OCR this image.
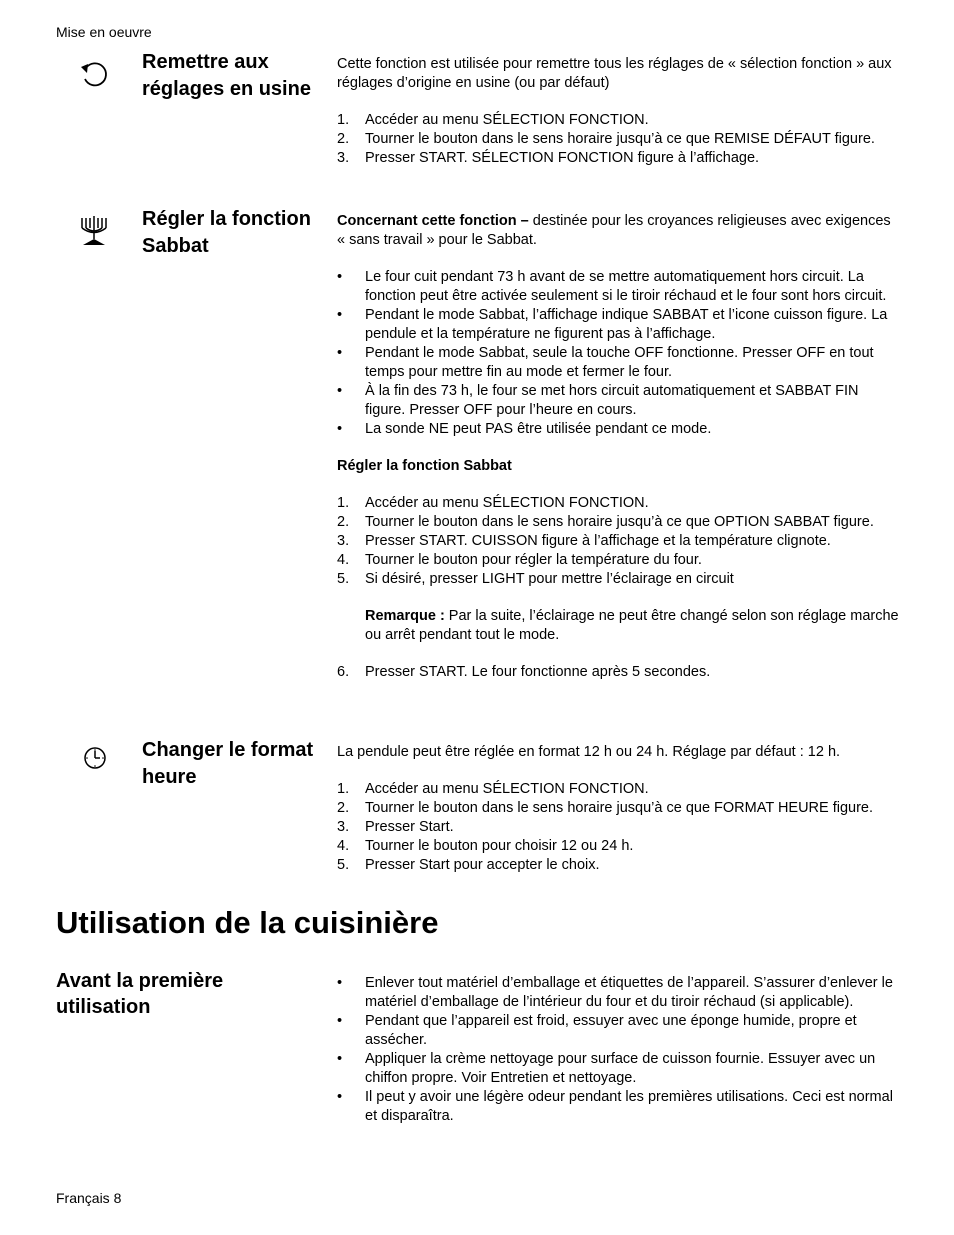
Mise en oeuvre
Remettre aux
réglages en usine
Cette fonction est utilisée pour remettre tous les réglages de « sélection fonction » aux réglages d’origine en usine (ou par défaut)
1. Accéder au menu SÉLECTION FONCTION.
2. Tourner le bouton dans le sens horaire jusqu’à ce que REMISE DÉFAUT figure.
3. Presser START. SÉLECTION FONCTION figure à l’affichage.
Régler la fonction
Sabbat
Concernant cette fonction – destinée pour les croyances religieuses avec exigences « sans travail » pour le Sabbat.
• Le four cuit pendant 73 h avant de se mettre automatiquement hors circuit. La fonction peut être activée seulement si le tiroir réchaud et le four sont hors circuit.
• Pendant le mode Sabbat, l’affichage indique SABBAT et l’icone cuisson figure. La pendule et la température ne figurent pas à l’affichage.
• Pendant le mode Sabbat, seule la touche OFF fonctionne. Presser OFF en tout temps pour mettre fin au mode et fermer le four.
• À la fin des 73 h, le four se met hors circuit automatiquement et SABBAT FIN figure. Presser OFF pour l’heure en cours.
• La sonde NE peut PAS être utilisée pendant ce mode.
Régler la fonction Sabbat
1. Accéder au menu SÉLECTION FONCTION.
2. Tourner le bouton dans le sens horaire jusqu’à ce que OPTION SABBAT figure.
3. Presser START. CUISSON figure à l’affichage et la température clignote.
4. Tourner le bouton pour régler la température du four.
5. Si désiré, presser LIGHT pour mettre l’éclairage en circuit
Remarque : Par la suite, l’éclairage ne peut être changé selon son réglage marche ou arrêt pendant tout le mode.
6. Presser START. Le four fonctionne après 5 secondes.
Changer le format
heure
La pendule peut être réglée en format 12 h ou 24 h. Réglage par défaut : 12 h.
1. Accéder au menu SÉLECTION FONCTION.
2. Tourner le bouton dans le sens horaire jusqu’à ce que FORMAT HEURE figure.
3. Presser Start.
4. Tourner le bouton pour choisir 12 ou 24 h.
5. Presser Start pour accepter le choix.
Utilisation de la cuisinière
Avant la première utilisation
• Enlever tout matériel d’emballage et étiquettes de l’appareil. S’assurer d’enlever le matériel d’emballage de l’intérieur du four et du tiroir réchaud (si applicable).
• Pendant que l’appareil est froid, essuyer avec une éponge humide, propre et assécher.
• Appliquer la crème nettoyage pour surface de cuisson fournie. Essuyer avec un chiffon propre. Voir Entretien et nettoyage.
• Il peut y avoir une légère odeur pendant les premières utilisations. Ceci est normal et disparaîtra.
Français 8
